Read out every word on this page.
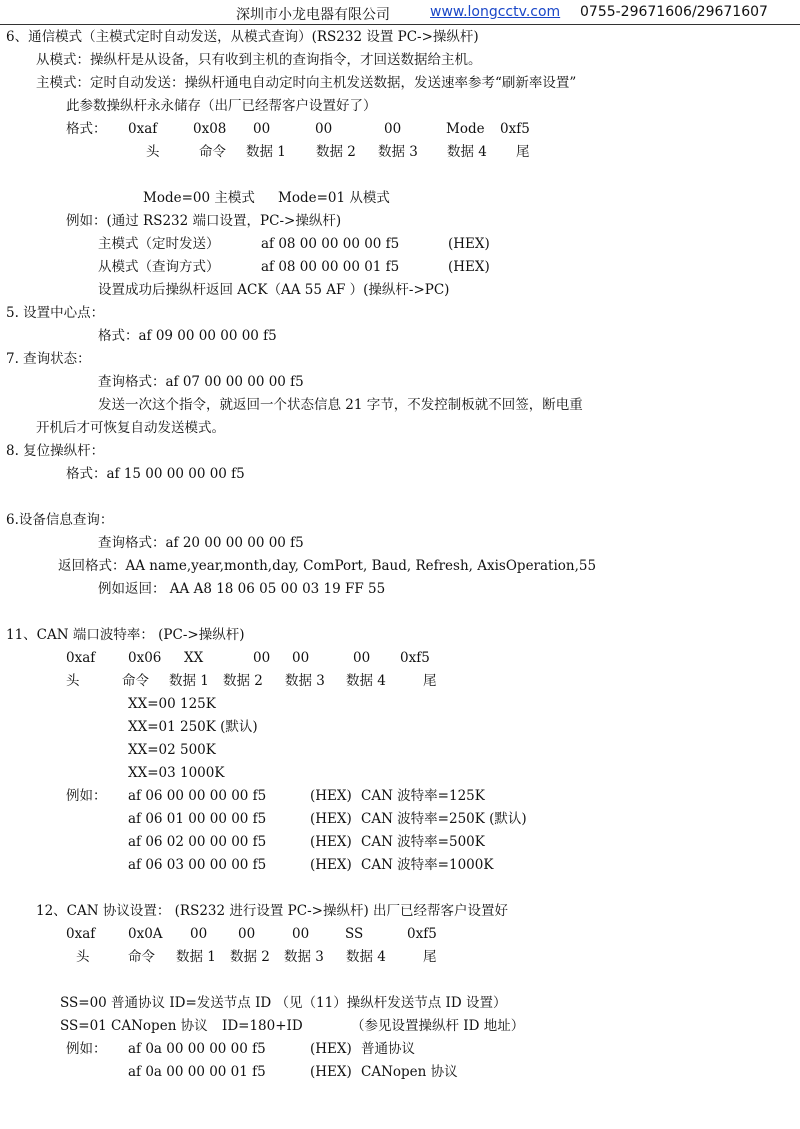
深圳市小龙电器有限公司	www.longcctv.com 0755-29671606/29671607
6、通信模式（主模式定时自动发送，从模式查询）(RS232 设置 PC->操纵杆)
从模式：操纵杆是从设备，只有收到主机的查询指令，才回送数据给主机。
主模式：定时自动发送：操纵杆通电自动定时向主机发送数据，发送速率参考“刷新率设置”
此参数操纵杆永永储存（出厂已经帮客户设置好了）
格式： 0xaf	0x08 00	00	00	Mode 0xf5
头	命令 数据 1 数据 2 数据 3 数据 4 尾
Mode=00 主模式 Mode=01 从模式
例如：(通过 RS232 端口设置，PC->操纵杆)
主模式（定时发送）	af 08 00 00 00 00 f5	(HEX)
从模式（查询方式）	af 08 00 00 00 01 f5	(HEX)
设置成功后操纵杆返回 ACK（AA 55 AF ）(操纵杆->PC)
5. 设置中心点：
格式：af 09 00 00 00 00 f5
7. 查询状态：
查询格式：af 07 00 00 00 00 f5
发送一次这个指令，就返回一个状态信息 21 字节，不发控制板就不回签，断电重
开机后才可恢复自动发送模式。
8. 复位操纵杆：
格式：af 15 00 00 00 00 f5
6.设备信息查询：
查询格式：af 20 00 00 00 00 f5
返回格式：AA name,year,month,day, ComPort, Baud, Refresh, AxisOperation,55
例如返回： AA A8 18 06 05 00 03 19 FF 55
11、CAN 端口波特率： (PC->操纵杆)
0xaf 0x06 XX	00 00	00 0xf5
头	命令 数据 1 数据 2 数据 3 数据 4	尾
XX=00 125K
XX=01 250K (默认)
XX=02 500K
XX=03 1000K
例如： af 06 00 00 00 00 f5	(HEX) CAN 波特率=125K
af 06 01 00 00 00 f5	(HEX) CAN 波特率=250K (默认)
af 06 02 00 00 00 f5	(HEX) CAN 波特率=500K
af 06 03 00 00 00 f5	(HEX) CAN 波特率=1000K
12、CAN 协议设置： (RS232 进行设置 PC->操纵杆) 出厂已经帮客户设置好
0xaf 0x0A 00 00	00	SS	0xf5
头	命令 数据 1 数据 2 数据 3 数据 4	尾
SS=00 普通协议 ID=发送节点 ID （见（11）操纵杆发送节点 ID 设置）
SS=01 CANopen 协议 ID=180+ID	（参见设置操纵杆 ID 地址）
例如： af 0a 00 00 00 00 f5	(HEX) 普通协议
af 0a 00 00 00 01 f5	(HEX) CANopen 协议
